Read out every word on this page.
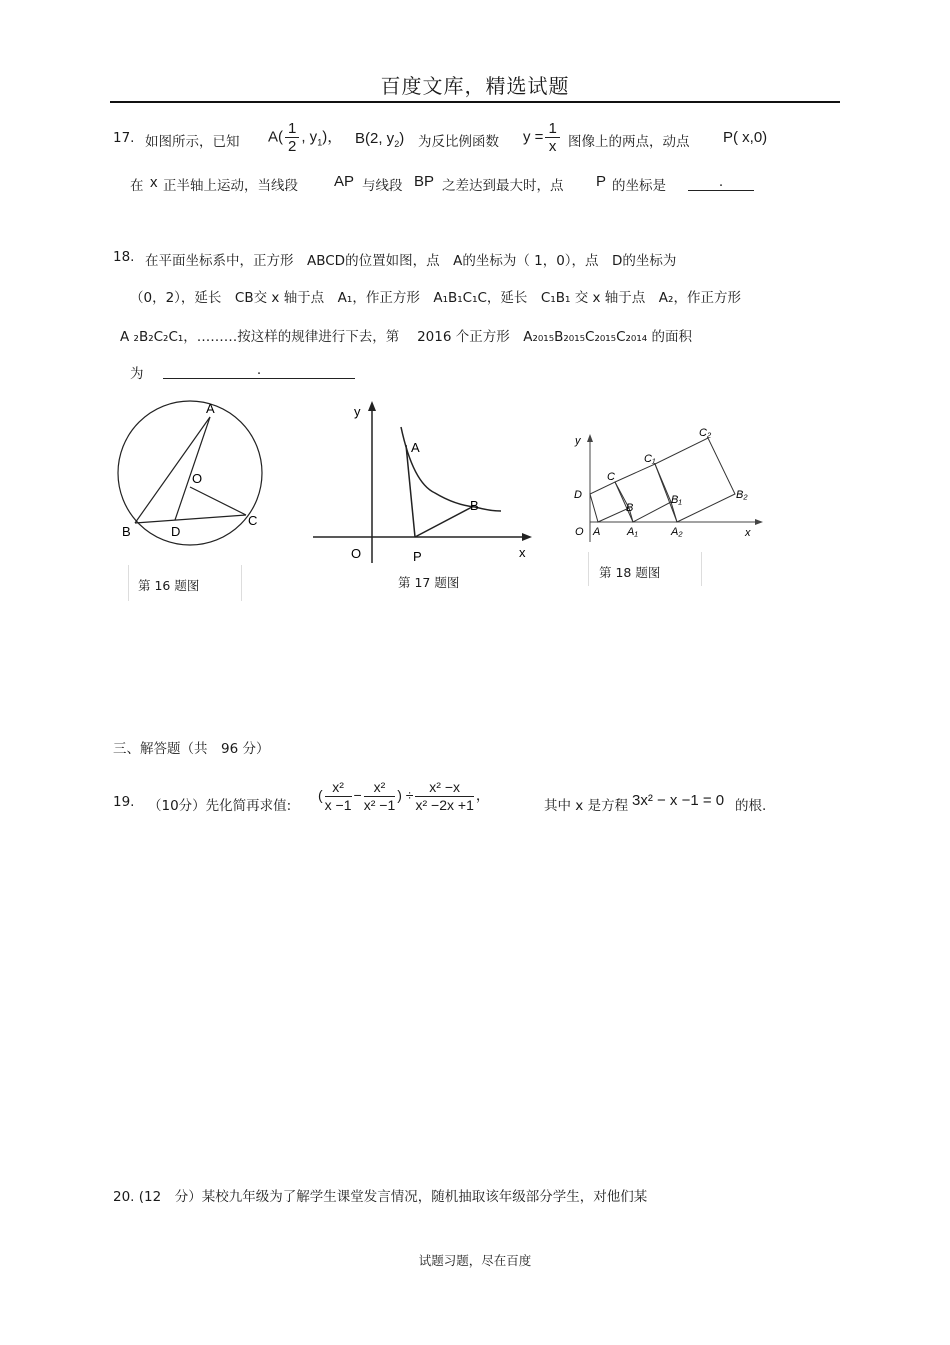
百度文库，精选试题
17. 如图所示，已知 $A( \frac{1}{2}$ , $y_1$)， B(2, $y_2$) 为反比例函数 $y = \frac{1}{x}$ 图像上的两点，动点 P( x,0)
在 x 正半轴上运动，当线段 AP 与线段 BP 之差达到最大时，点 P 的坐标是	.
18. 在平面坐标系中，正方形　ABCD的位置如图，点　A的坐标为（ 1，0），点　D的坐标为
（0，2），延长　CB交 x 轴于点　A₁，作正方形　A₁B₁C₁C，延长　C₁B₁ 交 x 轴于点　A₂，作正方形
A ₂B₂C₂C₁，………按这样的规律进行下去，第　 2016 个正方形　A₂₀₁₅B₂₀₁₅C₂₀₁₅C₂₀₁₄ 的面积
为	.
A
O
B	D
C
第 16 题图
y
A
B
O	P	x
第 17 题图
y
x
O A
D
C
B
A₁
B₁
C₁
A₂
B₂
C₂
第 18 题图
三、解答题（共　96 分）
19. （10分）先化简再求值:
( $\frac{\text{x²}}{x -1} - \frac{\text{x²}}{\text{x² −1}}$ ) ÷ $\frac{\text{x² −x}}{\text{x² −2x +1}}$ ，
其中 x 是方程 3x² − x −1 = 0 的根.
20. (12　分）某校九年级为了解学生课堂发言情况，随机抽取该年级部分学生，对他们某
试题习题，尽在百度
